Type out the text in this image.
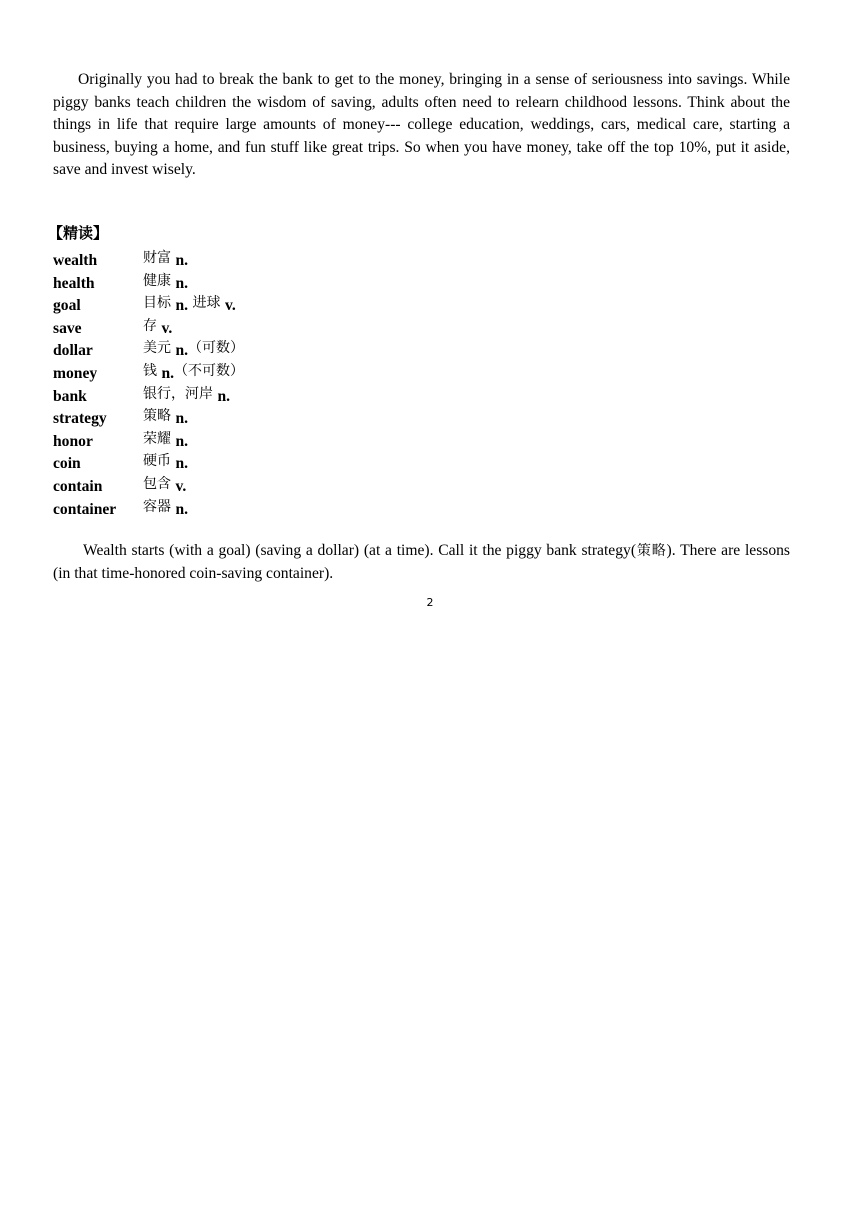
Originally you had to break the bank to get to the money, bringing in a sense of seriousness into savings. While piggy banks teach children the wisdom of saving, adults often need to relearn childhood lessons. Think about the things in life that require large amounts of money--- college education, weddings, cars, medical care, starting a business, buying a home, and fun stuff like great trips. So when you have money, take off the top 10%, put it aside, save and invest wisely.

【精读】
wealth	财富 n.
health	健康 n.
goal	目标 n. 进球 v.
save	存 v.
dollar	美元 n.（可数）
money	钱 n.（不可数）
bank	银行，河岸 n.
strategy	策略 n.
honor	荣耀 n.
coin	硬币 n.
contain	包含 v.
container 容器 n.

Wealth starts (with a goal) (saving a dollar) (at a time). Call it the piggy bank strategy(策略). There are lessons (in that time-honored coin-saving container).

2
